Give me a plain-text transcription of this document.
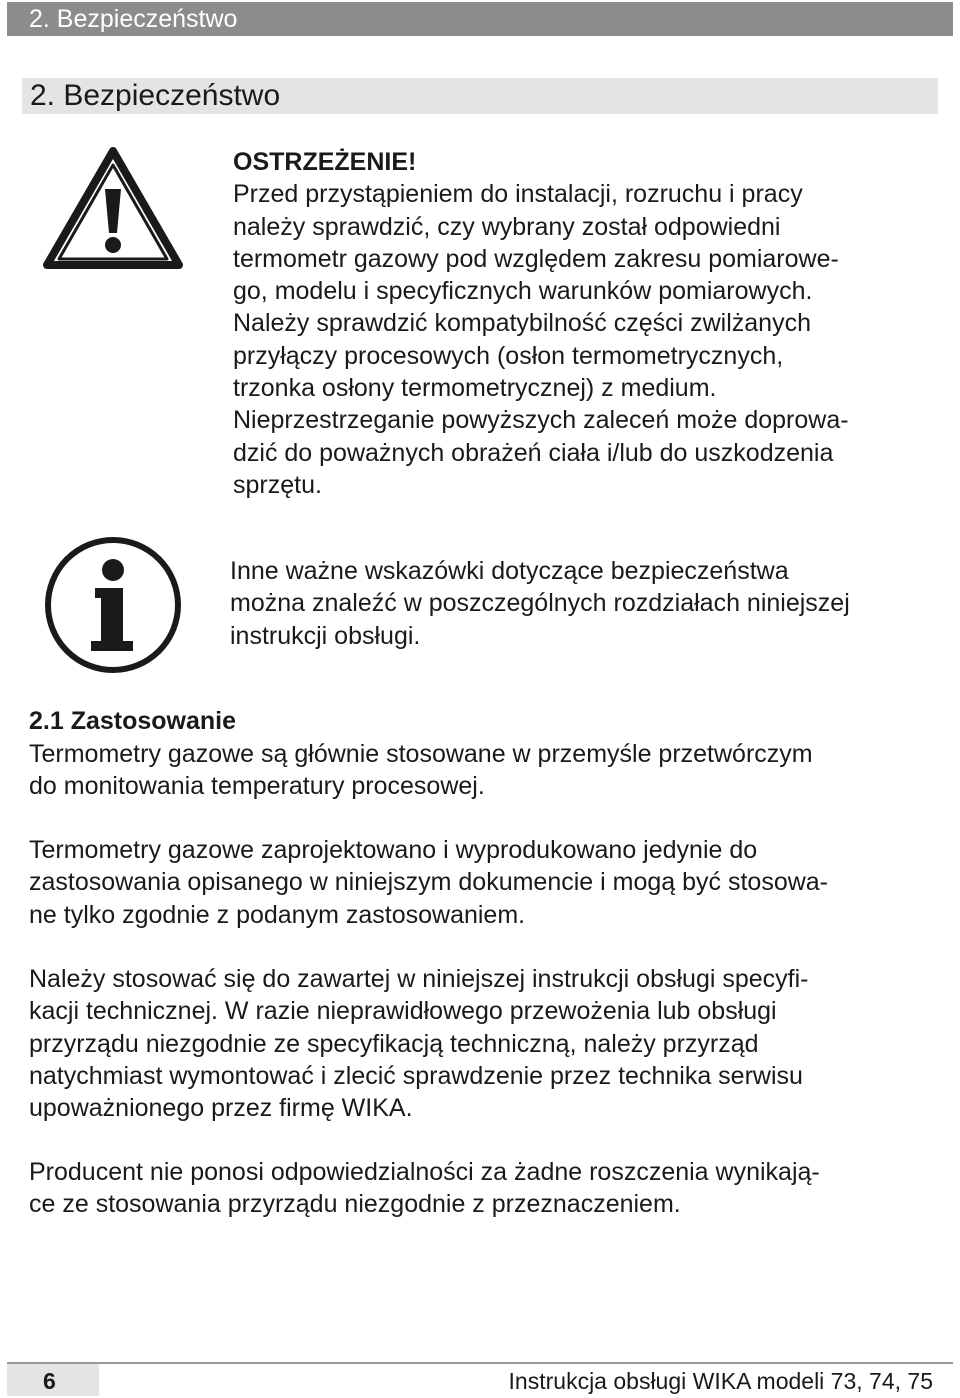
2. Bezpieczeństwo
2. Bezpieczeństwo
OSTRZEŻENIE!
Przed przystąpieniem do instalacji, rozruchu i pracy
należy sprawdzić, czy wybrany został odpowiedni
termometr gazowy pod względem zakresu pomiarowe-
go, modelu i specyficznych warunków pomiarowych.
Należy sprawdzić kompatybilność części zwilżanych
przyłączy procesowych (osłon termometrycznych,
trzonka osłony termometrycznej) z medium.
Nieprzestrzeganie powyższych zaleceń może doprowa-
dzić do poważnych obrażeń ciała i/lub do uszkodzenia
sprzętu.
Inne ważne wskazówki dotyczące bezpieczeństwa
można znaleźć w poszczególnych rozdziałach niniejszej
instrukcji obsługi.
2.1 Zastosowanie
Termometry gazowe są głównie stosowane w przemyśle przetwórczym
do monitowania temperatury procesowej.
Termometry gazowe zaprojektowano i wyprodukowano jedynie do
zastosowania opisanego w niniejszym dokumencie i mogą być stosowa-
ne tylko zgodnie z podanym zastosowaniem.
Należy stosować się do zawartej w niniejszej instrukcji obsługi specyfi-
kacji technicznej. W razie nieprawidłowego przewożenia lub obsługi
przyrządu niezgodnie ze specyfikacją techniczną, należy przyrząd
natychmiast wymontować i zlecić sprawdzenie przez technika serwisu
upoważnionego przez firmę WIKA.
Producent nie ponosi odpowiedzialności za żadne roszczenia wynikają-
ce ze stosowania przyrządu niezgodnie z przeznaczeniem.
6	Instrukcja obsługi WIKA modeli 73, 74, 75
